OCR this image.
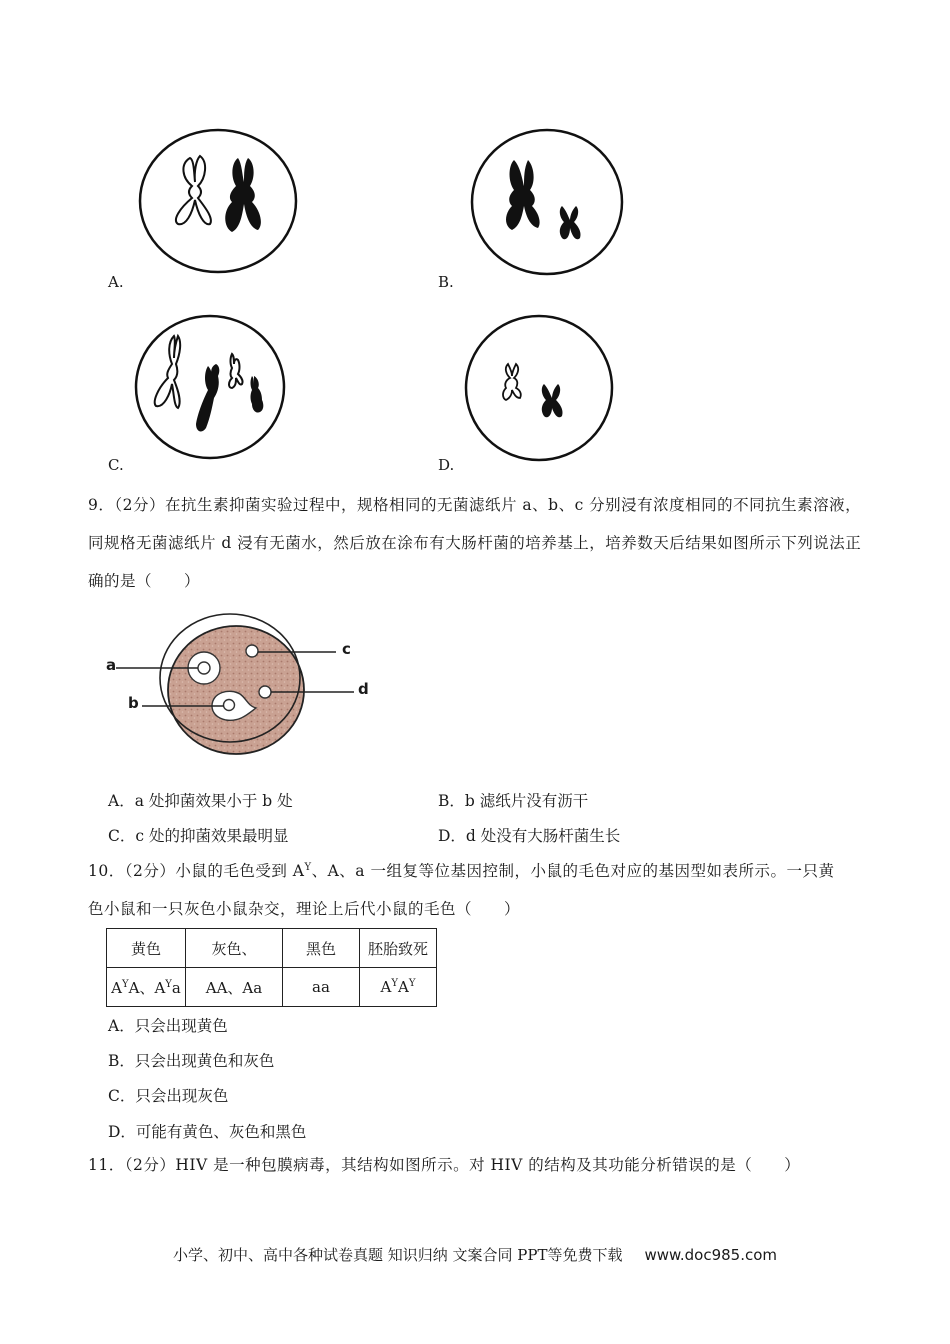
A.	B.
C.	D.
9．（2分）在抗生素抑菌实验过程中，规格相同的无菌滤纸片 a、b、c 分别浸有浓度相同的不同抗生素溶液，同规格无菌滤纸片 d 浸有无菌水，然后放在涂布有大肠杆菌的培养基上，培养数天后结果如图所示下列说法正确的是（　　）
a
b
c
d
A．a 处抑菌效果小于 b 处	B．b 滤纸片没有沥干
C．c 处的抑菌效果最明显	D．d 处没有大肠杆菌生长
10．（2分）小鼠的毛色受到 $A^Y$、A、a 一组复等位基因控制，小鼠的毛色对应的基因型如表所示。一只黄
色小鼠和一只灰色小鼠杂交，理论上后代小鼠的毛色（　　）
黄色	灰色、	黑色	胚胎致死
$A^YA$、$A^Ya$	AA、Aa	aa	$A^YA^Y$
A．只会出现黄色
B．只会出现黄色和灰色
C．只会出现灰色
D．可能有黄色、灰色和黑色
11．（2分）HIV 是一种包膜病毒，其结构如图所示。对 HIV 的结构及其功能分析错误的是（　　）
小学、初中、高中各种试卷真题 知识归纳 文案合同 PPT等免费下载 www.doc985.com
